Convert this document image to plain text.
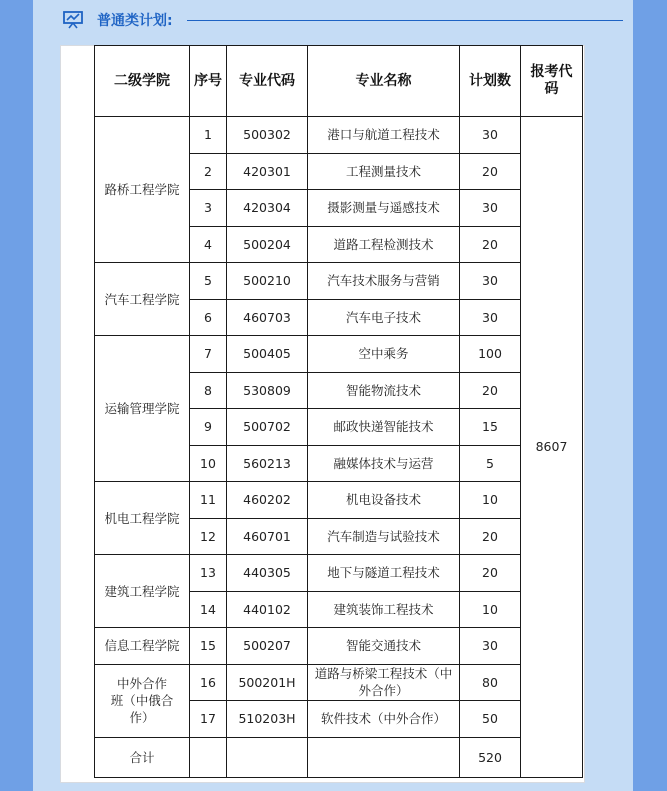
普通类计划:
二级学院	序号	专业代码	专业名称	计划数	报考代码
路桥工程学院	1	500302	港口与航道工程技术	30	8607
	2	420301	工程测量技术	20	
	3	420304	摄影测量与遥感技术	30	
	4	500204	道路工程检测技术	20	
汽车工程学院	5	500210	汽车技术服务与营销	30	
	6	460703	汽车电子技术	30	
运输管理学院	7	500405	空中乘务	100	
	8	530809	智能物流技术	20	
	9	500702	邮政快递智能技术	15	
	10	560213	融媒体技术与运营	5	
机电工程学院	11	460202	机电设备技术	10	
	12	460701	汽车制造与试验技术	20	
建筑工程学院	13	440305	地下与隧道工程技术	20	
	14	440102	建筑装饰工程技术	10	
信息工程学院	15	500207	智能交通技术	30	

中外合作
班（中俄合
作）	16	500201H	道路与桥梁工程技术（中外合作）	80	
	17	510203H	软件技术（中外合作）	50	
合计				520	
